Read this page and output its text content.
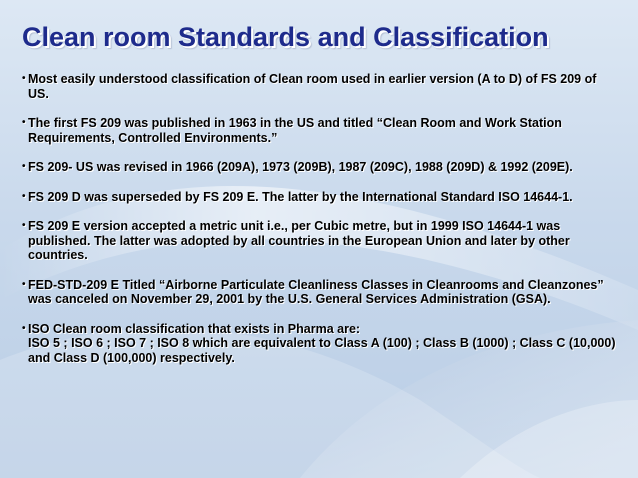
Clean room Standards and Classification
• Most easily understood classification of Clean room used in earlier version (A to D) of FS 209 of US.
• The first FS 209 was published in 1963 in the US and titled “Clean Room and Work Station Requirements, Controlled Environments.”
• FS 209- US was revised in 1966 (209A), 1973 (209B), 1987 (209C), 1988 (209D) & 1992 (209E).
• FS 209 D was superseded by FS 209 E. The latter by the International Standard ISO 14644-1.
• FS 209 E version accepted a metric unit i.e., per Cubic metre, but in 1999 ISO 14644-1 was published. The latter was adopted by all countries in the European Union and later by other countries.
• FED-STD-209 E Titled “Airborne Particulate Cleanliness Classes in Cleanrooms and Cleanzones” was canceled on November 29, 2001 by the U.S. General Services Administration (GSA).
• ISO Clean room classification that exists in Pharma are:
ISO 5 ; ISO 6 ; ISO 7 ; ISO 8 which are equivalent to Class A (100) ; Class B (1000) ; Class C (10,000) and Class D (100,000) respectively.
